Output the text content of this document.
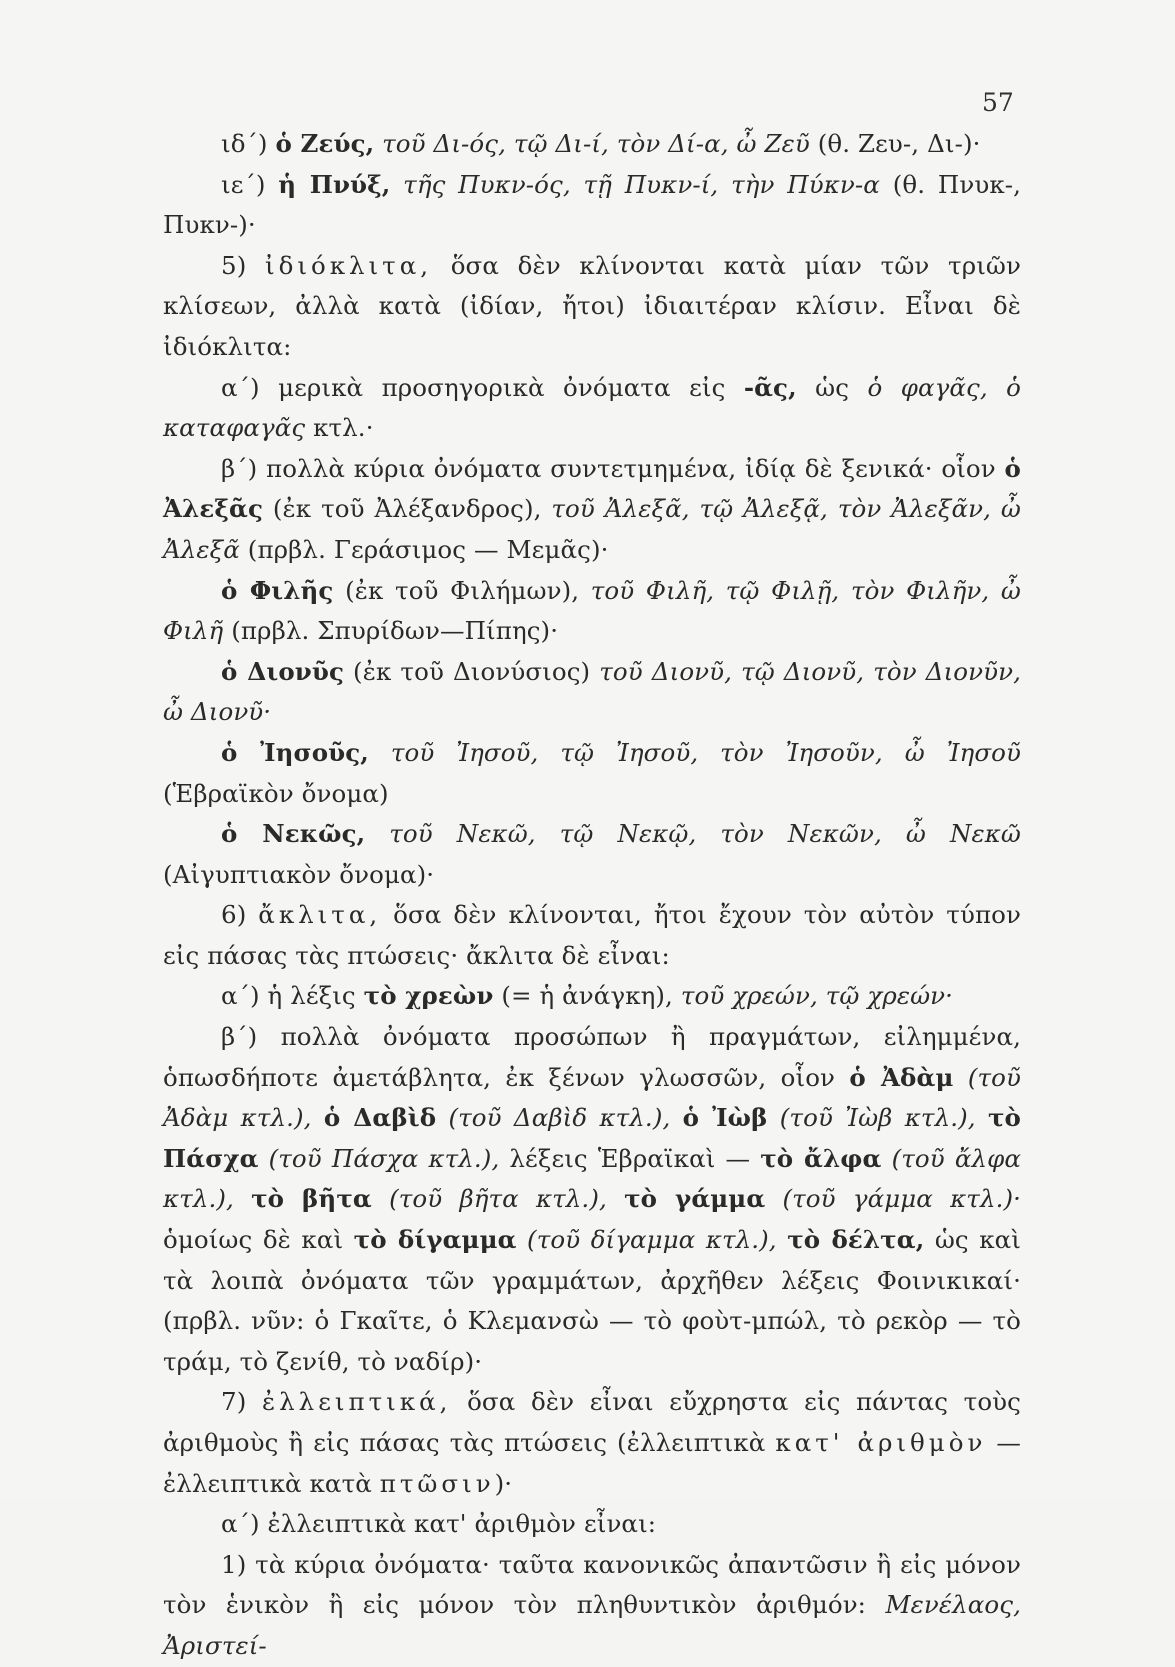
57

ιδ΄) ὁ Ζεύς, τοῦ Δι-ός, τῷ Δι-ί, τὸν Δί-α, ὦ Ζεῦ (θ. Ζευ-, Δι-)·

ιε΄) ἡ Πνύξ, τῆς Πυκν-ός, τῇ Πυκν-ί, τὴν Πύκν-α (θ. Πνυκ-, Πυκν-)·

5) ἰδιόκλιτα, ὅσα δὲν κλίνονται κατὰ μίαν τῶν τριῶν κλίσεων, ἀλλὰ κατὰ (ἰδίαν, ἤτοι) ἰδιαιτέραν κλίσιν. Εἶναι δὲ ἰδιόκλιτα:

α΄) μερικὰ προσηγορικὰ ὀνόματα εἰς -ᾶς, ὡς ὁ φαγᾶς, ὁ καταφαγᾶς κτλ.·

β΄) πολλὰ κύρια ὀνόματα συντετμημένα, ἰδίᾳ δὲ ξενικά· οἷον ὁ Ἀλεξᾶς (ἐκ τοῦ Ἀλέξανδρος), τοῦ Ἀλεξᾶ, τῷ Ἀλεξᾷ, τὸν Ἀλεξᾶν, ὦ Ἀλεξᾶ (πρβλ. Γεράσιμος — Μεμᾶς)·

ὁ Φιλῆς (ἐκ τοῦ Φιλήμων), τοῦ Φιλῆ, τῷ Φιλῇ, τὸν Φιλῆν, ὦ Φιλῆ (πρβλ. Σπυρίδων—Πίπης)·

ὁ Διονῦς (ἐκ τοῦ Διονύσιος) τοῦ Διονῦ, τῷ Διονῦ, τὸν Διονῦν, ὦ Διονῦ·

ὁ Ἰησοῦς, τοῦ Ἰησοῦ, τῷ Ἰησοῦ, τὸν Ἰησοῦν, ὦ Ἰησοῦ (Ἑβραϊκὸν ὄνομα)

ὁ Νεκῶς, τοῦ Νεκῶ, τῷ Νεκῷ, τὸν Νεκῶν, ὦ Νεκῶ (Αἰγυπτιακὸν ὄνομα)·

6) ἄκλιτα, ὅσα δὲν κλίνονται, ἤτοι ἔχουν τὸν αὐτὸν τύπον εἰς πάσας τὰς πτώσεις· ἄκλιτα δὲ εἶναι:

α΄) ἡ λέξις τὸ χρεὼν (= ἡ ἀνάγκη), τοῦ χρεών, τῷ χρεών·

β΄) πολλὰ ὀνόματα προσώπων ἢ πραγμάτων, εἰλημμένα, ὁπωσδήποτε ἀμετάβλητα, ἐκ ξένων γλωσσῶν, οἷον ὁ Ἀδὰμ (τοῦ Ἀδὰμ κτλ.), ὁ Δαβὶδ (τοῦ Δαβὶδ κτλ.), ὁ Ἰὼβ (τοῦ Ἰὼβ κτλ.), τὸ Πάσχα (τοῦ Πάσχα κτλ.), λέξεις Ἑβραϊκαὶ — τὸ ἄλφα (τοῦ ἄλφα κτλ.), τὸ βῆτα (τοῦ βῆτα κτλ.), τὸ γάμμα (τοῦ γάμμα κτλ.)· ὁμοίως δὲ καὶ τὸ δίγαμμα (τοῦ δίγαμμα κτλ.), τὸ δέλτα, ὡς καὶ τὰ λοιπὰ ὀνόματα τῶν γραμμάτων, ἀρχῆθεν λέξεις Φοινικικαί· (πρβλ. νῦν: ὁ Γκαῖτε, ὁ Κλεμανσὼ — τὸ φοὺτ-μπώλ, τὸ ρεκὸρ — τὸ τράμ, τὸ ζενίθ, τὸ ναδίρ)·

7) ἐλλειπτικά, ὅσα δὲν εἶναι εὔχρηστα εἰς πάντας τοὺς ἀριθμοὺς ἢ εἰς πάσας τὰς πτώσεις (ἐλλειπτικὰ κατ' ἀριθμὸν — ἐλλειπτικὰ κατὰ πτῶσιν)·

α΄) ἐλλειπτικὰ κατ' ἀριθμὸν εἶναι:

1) τὰ κύρια ὀνόματα· ταῦτα κανονικῶς ἀπαντῶσιν ἢ εἰς μόνον τὸν ἑνικὸν ἢ εἰς μόνον τὸν πληθυντικὸν ἀριθμόν: Μενέλαος, Ἀριστεί-
